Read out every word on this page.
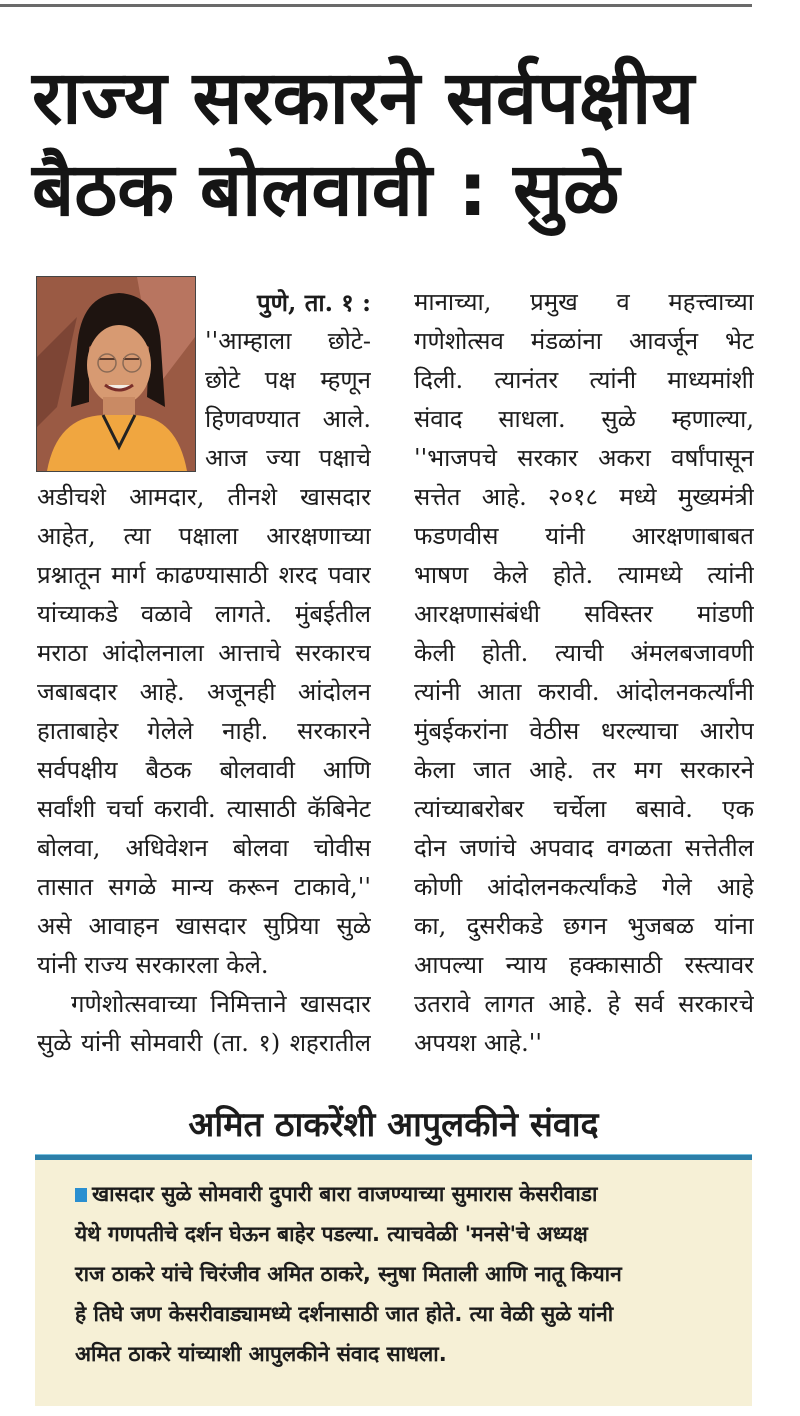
राज्य सरकारने सर्वपक्षीय
बैठक बोलवावी : सुळे
पुणे, ता. १ :
''आम्हाला छोटे-
छोटे पक्ष म्हणून
हिणवण्यात आले.
आज ज्या पक्षाचे
अडीचशे आमदार, तीनशे खासदार
आहेत, त्या पक्षाला आरक्षणाच्या
प्रश्नातून मार्ग काढण्यासाठी शरद पवार
यांच्याकडे वळावे लागते. मुंबईतील
मराठा आंदोलनाला आत्ताचे सरकारच
जबाबदार आहे. अजूनही आंदोलन
हाताबाहेर गेलेले नाही. सरकारने
सर्वपक्षीय बैठक बोलवावी आणि
सर्वांशी चर्चा करावी. त्यासाठी कॅबिनेट
बोलवा, अधिवेशन बोलवा चोवीस
तासात सगळे मान्य करून टाकावे,''
असे आवाहन खासदार सुप्रिया सुळे
यांनी राज्य सरकारला केले.
गणेशोत्सवाच्या निमित्ताने खासदार
सुळे यांनी सोमवारी (ता. १) शहरातील
मानाच्या, प्रमुख व महत्त्वाच्या
गणेशोत्सव मंडळांना आवर्जून भेट
दिली. त्यानंतर त्यांनी माध्यमांशी
संवाद साधला. सुळे म्हणाल्या,
''भाजपचे सरकार अकरा वर्षांपासून
सत्तेत आहे. २०१८ मध्ये मुख्यमंत्री
फडणवीस यांनी आरक्षणाबाबत
भाषण केले होते. त्यामध्ये त्यांनी
आरक्षणासंबंधी सविस्तर मांडणी
केली होती. त्याची अंमलबजावणी
त्यांनी आता करावी. आंदोलनकर्त्यांनी
मुंबईकरांना वेठीस धरल्याचा आरोप
केला जात आहे. तर मग सरकारने
त्यांच्याबरोबर चर्चेला बसावे. एक
दोन जणांचे अपवाद वगळता सत्तेतील
कोणी आंदोलनकर्त्यांकडे गेले आहे
का, दुसरीकडे छगन भुजबळ यांना
आपल्या न्याय हक्कासाठी रस्त्यावर
उतरावे लागत आहे. हे सर्व सरकारचे
अपयश आहे.''
अमित ठाकरेंशी आपुलकीने संवाद
खासदार सुळे सोमवारी दुपारी बारा वाजण्याच्या सुमारास केसरीवाडा
येथे गणपतीचे दर्शन घेऊन बाहेर पडल्या. त्याचवेळी 'मनसे'चे अध्यक्ष
राज ठाकरे यांचे चिरंजीव अमित ठाकरे, स्नुषा मिताली आणि नातू कियान
हे तिघे जण केसरीवाड्यामध्ये दर्शनासाठी जात होते. त्या वेळी सुळे यांनी
अमित ठाकरे यांच्याशी आपुलकीने संवाद साधला.
